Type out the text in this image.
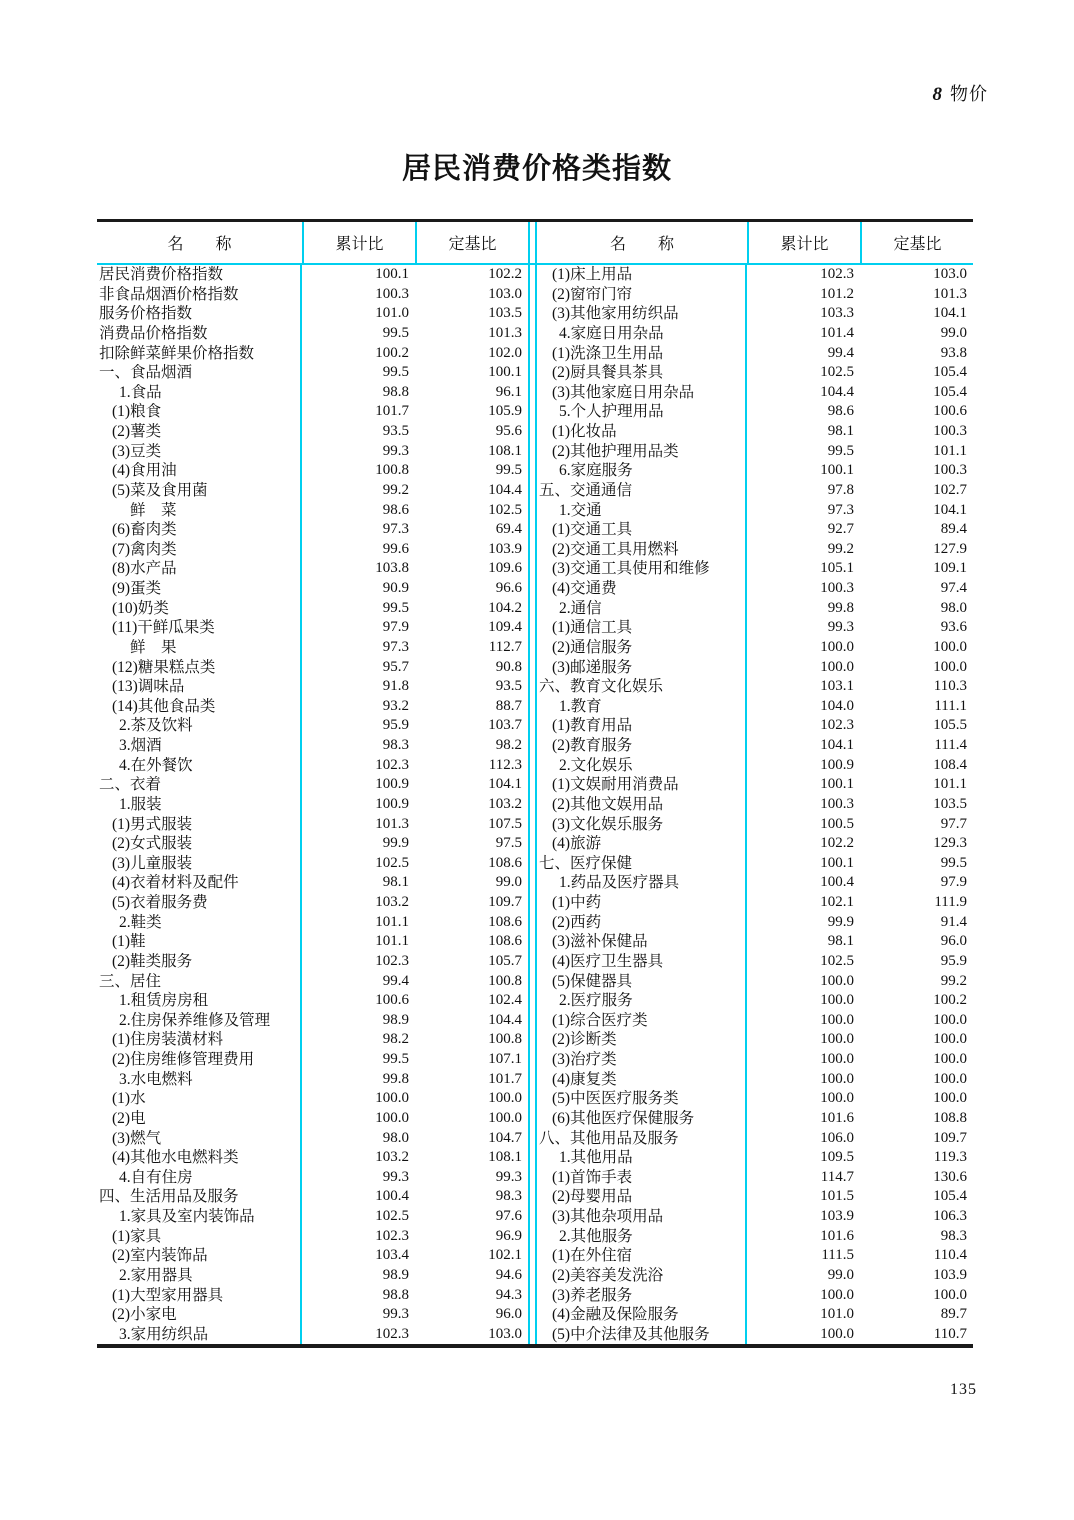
8 物价
居民消费价格类指数
名　　称	累计比	定基比	名　　称	累计比	定基比
居民消费价格指数	100.1	102.2
非食品烟酒价格指数	100.3	103.0
服务价格指数	101.0	103.5
消费品价格指数	99.5	101.3
扣除鲜菜鲜果价格指数	100.2	102.0
一、食品烟酒	99.5	100.1
1.食品	98.8	96.1
(1)粮食	101.7	105.9
(2)薯类	93.5	95.6
(3)豆类	99.3	108.1
(4)食用油	100.8	99.5
(5)菜及食用菌	99.2	104.4
鲜　菜	98.6	102.5
(6)畜肉类	97.3	69.4
(7)禽肉类	99.6	103.9
(8)水产品	103.8	109.6
(9)蛋类	90.9	96.6
(10)奶类	99.5	104.2
(11)干鲜瓜果类	97.9	109.4
鲜　果	97.3	112.7
(12)糖果糕点类	95.7	90.8
(13)调味品	91.8	93.5
(14)其他食品类	93.2	88.7
2.茶及饮料	95.9	103.7
3.烟酒	98.3	98.2
4.在外餐饮	102.3	112.3
二、衣着	100.9	104.1
1.服装	100.9	103.2
(1)男式服装	101.3	107.5
(2)女式服装	99.9	97.5
(3)儿童服装	102.5	108.6
(4)衣着材料及配件	98.1	99.0
(5)衣着服务费	103.2	109.7
2.鞋类	101.1	108.6
(1)鞋	101.1	108.6
(2)鞋类服务	102.3	105.7
三、居住	99.4	100.8
1.租赁房房租	100.6	102.4
2.住房保养维修及管理	98.9	104.4
(1)住房装潢材料	98.2	100.8
(2)住房维修管理费用	99.5	107.1
3.水电燃料	99.8	101.7
(1)水	100.0	100.0
(2)电	100.0	100.0
(3)燃气	98.0	104.7
(4)其他水电燃料类	103.2	108.1
4.自有住房	99.3	99.3
四、生活用品及服务	100.4	98.3
1.家具及室内装饰品	102.5	97.6
(1)家具	102.3	96.9
(2)室内装饰品	103.4	102.1
2.家用器具	98.9	94.6
(1)大型家用器具	98.8	94.3
(2)小家电	99.3	96.0
3.家用纺织品	102.3	103.0
(1)床上用品	102.3	103.0
(2)窗帘门帘	101.2	101.3
(3)其他家用纺织品	103.3	104.1
4.家庭日用杂品	101.4	99.0
(1)洗涤卫生用品	99.4	93.8
(2)厨具餐具茶具	102.5	105.4
(3)其他家庭日用杂品	104.4	105.4
5.个人护理用品	98.6	100.6
(1)化妆品	98.1	100.3
(2)其他护理用品类	99.5	101.1
6.家庭服务	100.1	100.3
五、交通通信	97.8	102.7
1.交通	97.3	104.1
(1)交通工具	92.7	89.4
(2)交通工具用燃料	99.2	127.9
(3)交通工具使用和维修	105.1	109.1
(4)交通费	100.3	97.4
2.通信	99.8	98.0
(1)通信工具	99.3	93.6
(2)通信服务	100.0	100.0
(3)邮递服务	100.0	100.0
六、教育文化娱乐	103.1	110.3
1.教育	104.0	111.1
(1)教育用品	102.3	105.5
(2)教育服务	104.1	111.4
2.文化娱乐	100.9	108.4
(1)文娱耐用消费品	100.1	101.1
(2)其他文娱用品	100.3	103.5
(3)文化娱乐服务	100.5	97.7
(4)旅游	102.2	129.3
七、医疗保健	100.1	99.5
1.药品及医疗器具	100.4	97.9
(1)中药	102.1	111.9
(2)西药	99.9	91.4
(3)滋补保健品	98.1	96.0
(4)医疗卫生器具	102.5	95.9
(5)保健器具	100.0	99.2
2.医疗服务	100.0	100.2
(1)综合医疗类	100.0	100.0
(2)诊断类	100.0	100.0
(3)治疗类	100.0	100.0
(4)康复类	100.0	100.0
(5)中医医疗服务类	100.0	100.0
(6)其他医疗保健服务	101.6	108.8
八、其他用品及服务	106.0	109.7
1.其他用品	109.5	119.3
(1)首饰手表	114.7	130.6
(2)母婴用品	101.5	105.4
(3)其他杂项用品	103.9	106.3
2.其他服务	101.6	98.3
(1)在外住宿	111.5	110.4
(2)美容美发洗浴	99.0	103.9
(3)养老服务	100.0	100.0
(4)金融及保险服务	101.0	89.7
(5)中介法律及其他服务	100.0	110.7
135
